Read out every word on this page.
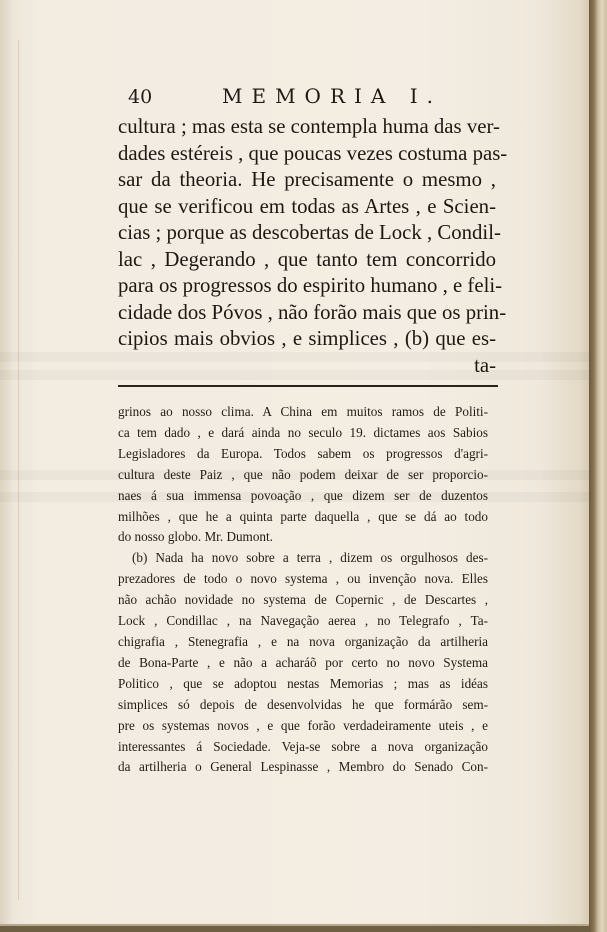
40	MEMORIA I.
cultura ; mas esta se contempla huma das ver-
dades estéreis , que poucas vezes costuma pas-
sar da theoria. He precisamente o mesmo ,
que se verificou em todas as Artes , e Scien-
cias ; porque as descobertas de Lock , Condil-
lac , Degerando , que tanto tem concorrido
para os progressos do espirito humano , e feli-
cidade dos Póvos , não forão mais que os prin-
cipios mais obvios , e simplices , (b) que es-
ta-

grinos ao nosso clima. A China em muitos ramos de Politi-
ca tem dado , e dará ainda no seculo 19. dictames aos Sabios
Legisladores da Europa. Todos sabem os progressos d'agri-
cultura deste Paiz , que não podem deixar de ser proporcio-
naes á sua immensa povoação , que dizem ser de duzentos
milhões , que he a quinta parte daquella , que se dá ao todo
do nosso globo. Mr. Dumont.

(b) Nada ha novo sobre a terra , dizem os orgulhosos des-
prezadores de todo o novo systema , ou invenção nova. Elles
não achão novidade no systema de Copernic , de Descartes ,
Lock , Condillac , na Navegação aerea , no Telegrafo , Ta-
chigrafia , Stenegrafia , e na nova organização da artilheria
de Bona-Parte , e não a acharáõ por certo no novo Systema
Politico , que se adoptou nestas Memorias ; mas as idéas
simplices só depois de desenvolvidas he que formárão sem-
pre os systemas novos , e que forão verdadeiramente uteis , e
interessantes á Sociedade. Veja-se sobre a nova organização
da artilheria o General Lespinasse , Membro do Senado Con-
